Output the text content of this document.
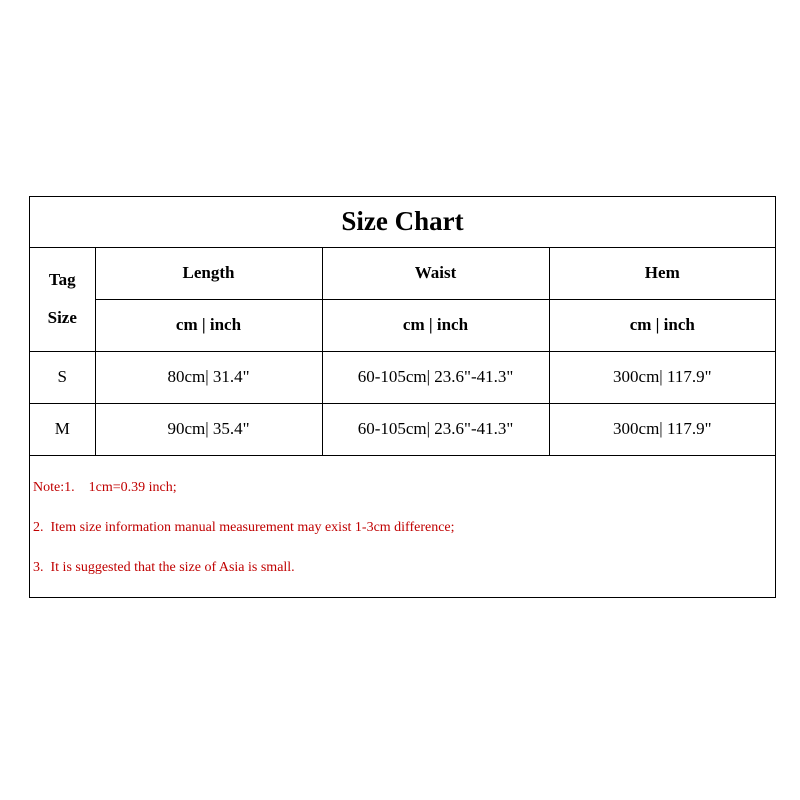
Size Chart			

Tag
Size	Length	Waist	Hem
	cm | inch	cm | inch	cm | inch
S	80cm| 31.4"	60-105cm| 23.6"-41.3"	300cm| 117.9"
M	90cm| 35.4"	60-105cm| 23.6"-41.3"	300cm| 117.9"

Note:1.    1cm=0.39 inch;

2.  Item size information manual measurement may exist 1-3cm difference;

3.  It is suggested that the size of Asia is small.			
